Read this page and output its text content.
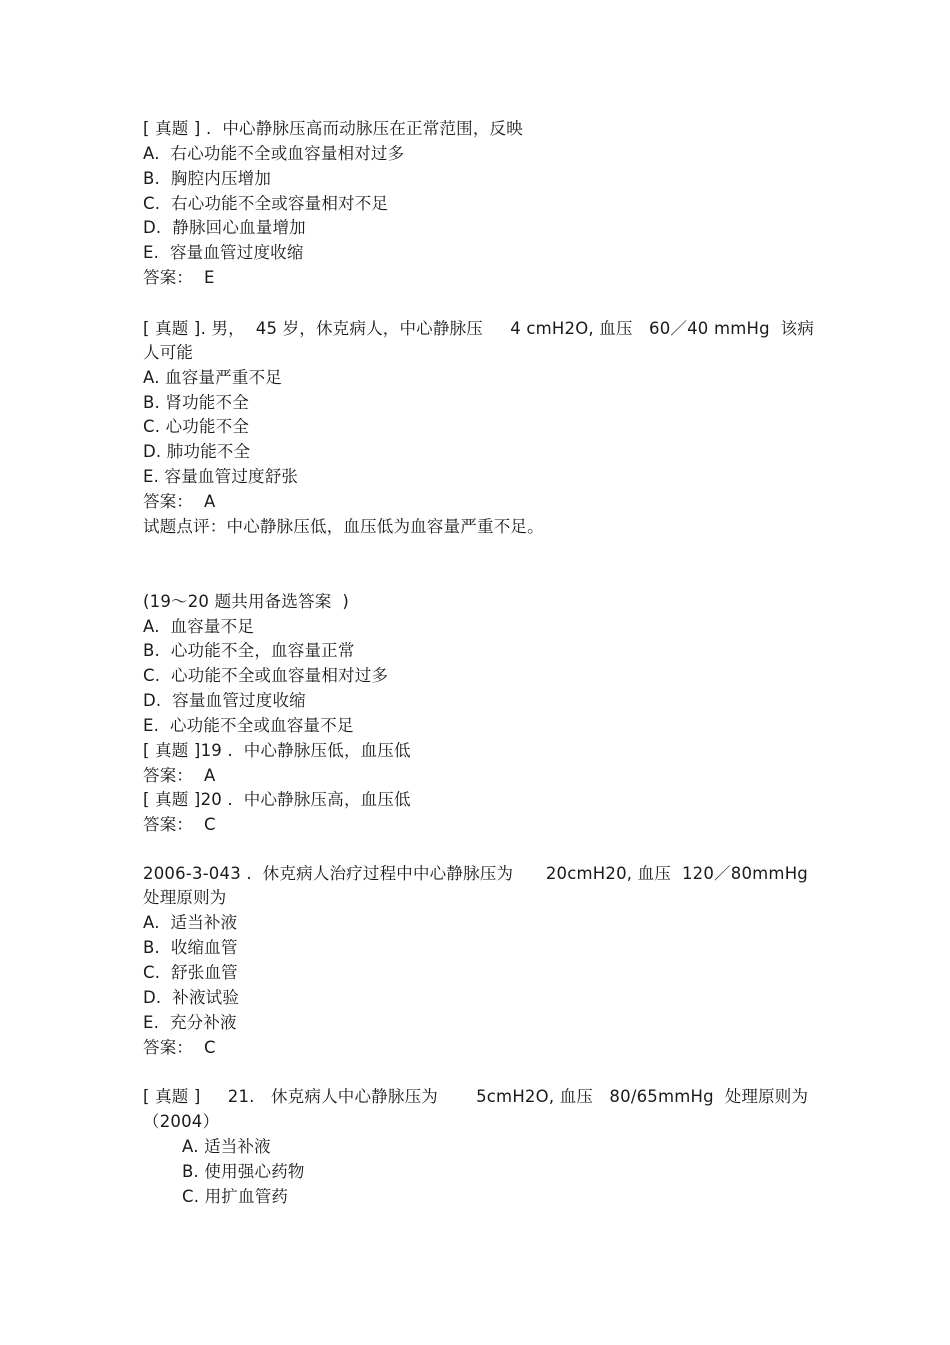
[ 真题 ] .  中心静脉压高而动脉压在正常范围，反映
A.  右心功能不全或血容量相对过多
B.  胸腔内压增加
C.  右心功能不全或容量相对不足
D.  静脉回心血量增加
E.  容量血管过度收缩
答案：  E
[ 真题 ]. 男，  45 岁，休克病人，中心静脉压     4 cmH2O, 血压   60／40 mmHg  该病
人可能
A. 血容量严重不足
B. 肾功能不全
C. 心功能不全
D. 肺功能不全
E. 容量血管过度舒张
答案：  A
试题点评：中心静脉压低，血压低为血容量严重不足。
(19～20 题共用备选答案  )
A.  血容量不足
B.  心功能不全，血容量正常
C.  心功能不全或血容量相对过多
D.  容量血管过度收缩
E.  心功能不全或血容量不足
[ 真题 ]19 .  中心静脉压低，血压低
答案：  A
[ 真题 ]20 .  中心静脉压高，血压低
答案：  C
2006-3-043 .  休克病人治疗过程中中心静脉压为      20cmH20, 血压  120／80mmHg
处理原则为
A.  适当补液
B.  收缩血管
C.  舒张血管
D.  补液试验
E.  充分补液
答案：  C
[ 真题 ]     21.   休克病人中心静脉压为       5cmH2O, 血压   80/65mmHg  处理原则为
（2004）
A. 适当补液
B. 使用强心药物
C. 用扩血管药
